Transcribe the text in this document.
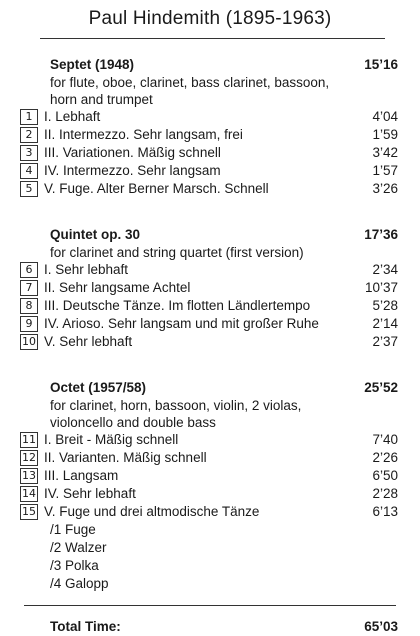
Paul Hindemith (1895-1963)
Septet (1948)	15’16
for flute, oboe, clarinet, bass clarinet, bassoon,
horn and trumpet
1 I. Lebhaft	4’04
2 II. Intermezzo. Sehr langsam, frei	1’59
3 III. Variationen. Mäßig schnell	3’42
4 IV. Intermezzo. Sehr langsam	1’57
5 V. Fuge. Alter Berner Marsch. Schnell	3’26
Quintet op. 30	17’36
for clarinet and string quartet (first version)
6 I. Sehr lebhaft	2’34
7 II. Sehr langsame Achtel	10’37
8 III. Deutsche Tänze. Im flotten Ländlertempo	5’28
9 IV. Arioso. Sehr langsam und mit großer Ruhe	2’14
10 V. Sehr lebhaft	2’37
Octet (1957/58)	25’52
for clarinet, horn, bassoon, violin, 2 violas,
violoncello and double bass
11 I. Breit - Mäßig schnell	7’40
12 II. Varianten. Mäßig schnell	2’26
13 III. Langsam	6’50
14 IV. Sehr lebhaft	2’28
15 V. Fuge und drei altmodische Tänze	6’13
/1 Fuge
/2 Walzer
/3 Polka
/4 Galopp
Total Time:	65’03
